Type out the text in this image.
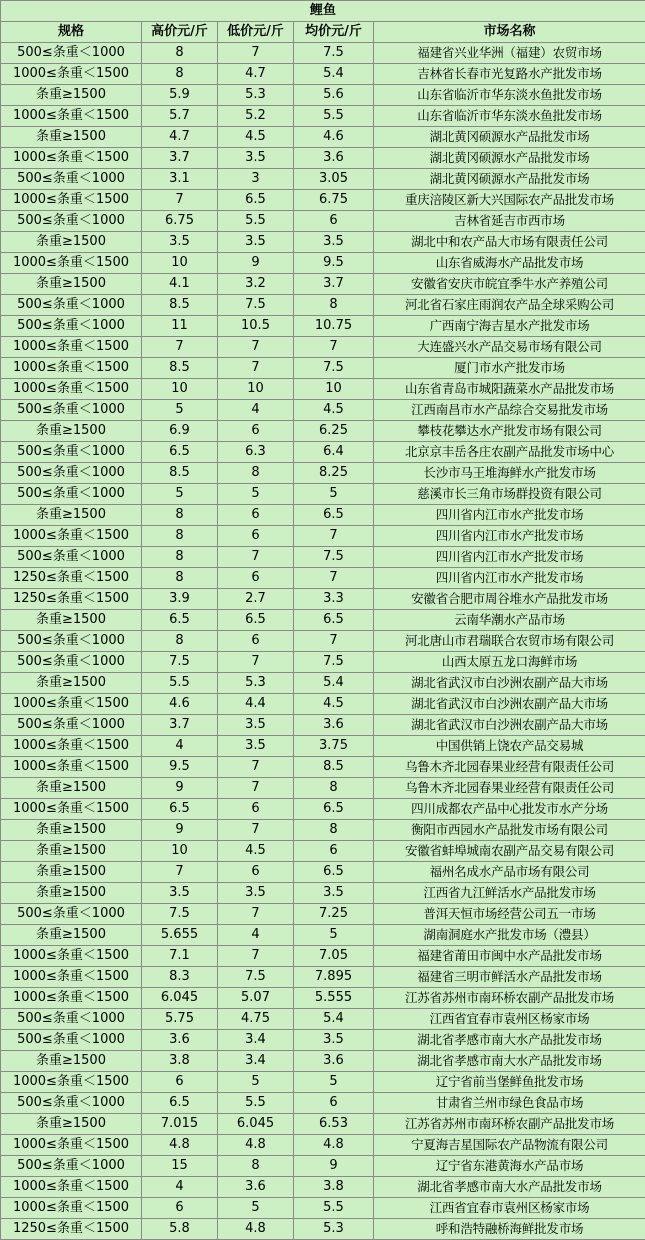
鲤鱼				
规格	高价元/斤	低价元/斤	均价元/斤	市场名称
500≤条重＜1000	8	7	7.5	福建省兴业华洲（福建）农贸市场
1000≤条重＜1500	8	4.7	5.4	吉林省长春市光复路水产批发市场
条重≥1500	5.9	5.3	5.6	山东省临沂市华东淡水鱼批发市场
1000≤条重＜1500	5.7	5.2	5.5	山东省临沂市华东淡水鱼批发市场
条重≥1500	4.7	4.5	4.6	湖北黄冈硕源水产品批发市场
1000≤条重＜1500	3.7	3.5	3.6	湖北黄冈硕源水产品批发市场
500≤条重＜1000	3.1	3	3.05	湖北黄冈硕源水产品批发市场
1000≤条重＜1500	7	6.5	6.75	重庆涪陵区新大兴国际农产品批发市场
500≤条重＜1000	6.75	5.5	6	吉林省延吉市西市场
条重≥1500	3.5	3.5	3.5	湖北中和农产品大市场有限责任公司
1000≤条重＜1500	10	9	9.5	山东省威海水产品批发市场
条重≥1500	4.1	3.2	3.7	安徽省安庆市皖宜季牛水产养殖公司
500≤条重＜1000	8.5	7.5	8	河北省石家庄雨润农产品全球采购公司
500≤条重＜1000	11	10.5	10.75	广西南宁海吉星水产批发市场
1000≤条重＜1500	7	7	7	大连盛兴水产品交易市场有限公司
1000≤条重＜1500	8.5	7	7.5	厦门市水产批发市场
1000≤条重＜1500	10	10	10	山东省青岛市城阳蔬菜水产品批发市场
500≤条重＜1000	5	4	4.5	江西南昌市水产品综合交易批发市场
条重≥1500	6.9	6	6.25	攀枝花攀达水产批发市场有限公司
500≤条重＜1000	6.5	6.3	6.4	北京京丰岳各庄农副产品批发市场中心
500≤条重＜1000	8.5	8	8.25	长沙市马王堆海鲜水产批发市场
500≤条重＜1000	5	5	5	慈溪市长三角市场群投资有限公司
条重≥1500	8	6	6.5	四川省内江市水产批发市场
1000≤条重＜1500	8	6	7	四川省内江市水产批发市场
500≤条重＜1000	8	7	7.5	四川省内江市水产批发市场
1250≤条重＜1500	8	6	7	四川省内江市水产批发市场
1250≤条重＜1500	3.9	2.7	3.3	安徽省合肥市周谷堆水产品批发市场
条重≥1500	6.5	6.5	6.5	云南华潮水产品市场
500≤条重＜1000	8	6	7	河北唐山市君瑞联合农贸市场有限公司
500≤条重＜1000	7.5	7	7.5	山西太原五龙口海鲜市场
条重≥1500	5.5	5.3	5.4	湖北省武汉市白沙洲农副产品大市场
1000≤条重＜1500	4.6	4.4	4.5	湖北省武汉市白沙洲农副产品大市场
500≤条重＜1000	3.7	3.5	3.6	湖北省武汉市白沙洲农副产品大市场
1000≤条重＜1500	4	3.5	3.75	中国供销上饶农产品交易城
1000≤条重＜1500	9.5	7	8.5	乌鲁木齐北园春果业经营有限责任公司
条重≥1500	9	7	8	乌鲁木齐北园春果业经营有限责任公司
1000≤条重＜1500	6.5	6	6.5	四川成都农产品中心批发市水产分场
条重≥1500	9	7	8	衡阳市西园水产品批发市场有限公司
条重≥1500	10	4.5	6	安徽省蚌埠城南农副产品交易有限公司
条重≥1500	7	6	6.5	福州名成水产品市场有限公司
条重≥1500	3.5	3.5	3.5	江西省九江鲜活水产品批发市场
500≤条重＜1000	7.5	7	7.25	普洱天恒市场经营公司五一市场
条重≥1500	5.655	4	5	湖南洞庭水产批发市场（澧县）
1000≤条重＜1500	7.1	7	7.05	福建省莆田市闽中水产品批发市场
1000≤条重＜1500	8.3	7.5	7.895	福建省三明市鲜活水产品批发市场
1000≤条重＜1500	6.045	5.07	5.555	江苏省苏州市南环桥农副产品批发市场
500≤条重＜1000	5.75	4.75	5.4	江西省宜春市袁州区杨家市场
500≤条重＜1000	3.6	3.4	3.5	湖北省孝感市南大水产品批发市场
条重≥1500	3.8	3.4	3.6	湖北省孝感市南大水产品批发市场
1000≤条重＜1500	6	5	5	辽宁省前当堡鲜鱼批发市场
500≤条重＜1000	6.5	5.5	6	甘肃省兰州市绿色食品市场
条重≥1500	7.015	6.045	6.53	江苏省苏州市南环桥农副产品批发市场
1000≤条重＜1500	4.8	4.8	4.8	宁夏海吉星国际农产品物流有限公司
500≤条重＜1000	15	8	9	辽宁省东港黄海水产品市场
1000≤条重＜1500	4	3.6	3.8	湖北省孝感市南大水产品批发市场
1000≤条重＜1500	6	5	5.5	江西省宜春市袁州区杨家市场
1250≤条重＜1500	5.8	4.8	5.3	呼和浩特融桥海鲜批发市场
